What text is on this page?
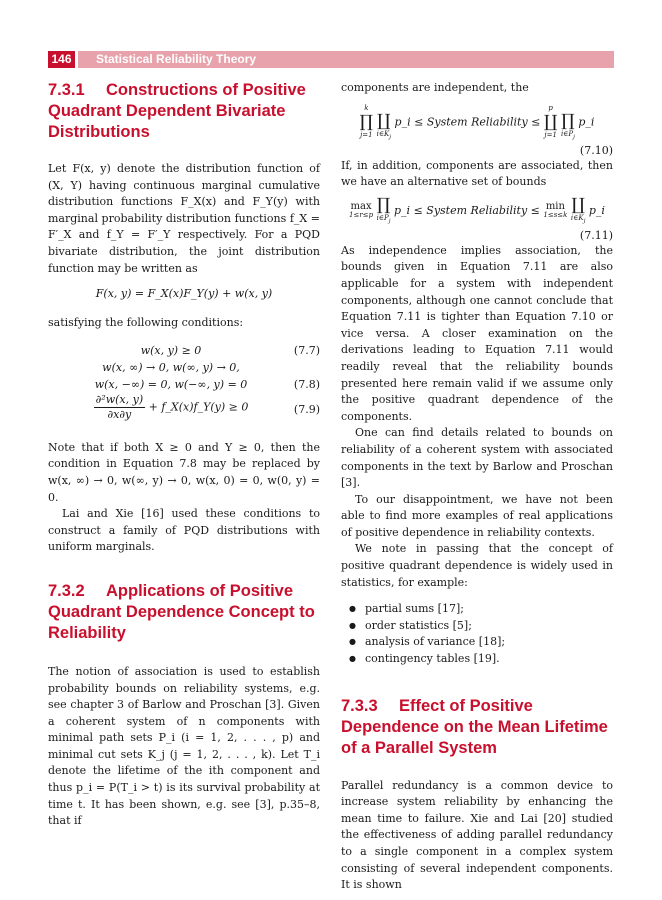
146	Statistical Reliability Theory
7.3.1 Constructions of Positive Quadrant Dependent Bivariate Distributions

Let F(x, y) denote the distribution function of (X, Y) having continuous marginal cumulative distribution functions F_X(x) and F_Y(y) with marginal probability distribution functions f_X = F′_X and f_Y = F′_Y respectively. For a PQD bivariate distribution, the joint distribution function may be written as

F(x, y) = F_X(x)F_Y(y) + w(x, y)

satisfying the following conditions:

w(x, y) ≥ 0	(7.7)
w(x, ∞) → 0, w(∞, y) → 0,
w(x, −∞) = 0, w(−∞, y) = 0	(7.8)
$\frac{\text{∂²w(x, y)}}{\partial x\partial y}$ + f_X(x)f_Y(y) ≥ 0	(7.9)

Note that if both X ≥ 0 and Y ≥ 0, then the condition in Equation 7.8 may be replaced by w(x, ∞) → 0, w(∞, y) → 0, w(x, 0) = 0, w(0, y) = 0.

Lai and Xie [16] used these conditions to construct a family of PQD distributions with uniform marginals.

7.3.2 Applications of Positive Quadrant Dependence Concept to Reliability

The notion of association is used to establish probability bounds on reliability systems, e.g. see chapter 3 of Barlow and Proschan [3]. Given a coherent system of n components with minimal path sets P_i (i = 1, 2, . . . , p) and minimal cut sets K_j (j = 1, 2, . . . , k). Let T_i denote the lifetime of the ith component and thus p_i = P(T_i > t) is its survival probability at time t. It has been shown, e.g. see [3], p.35–8, that if

components are independent, the

k
∏
j=1

∐
$i\in K_j$
p_i ≤ System Reliability ≤
p
∐
j=1

∏
$i\in P_j$
p_i
(7.10)

If, in addition, components are associated, then we have an alternative set of bounds

max
1≤r≤p

∏
$i\in P_j$
p_i ≤ System Reliability ≤ min
1≤s≤k

∐
$i\in K_j$
p_i
(7.11)

As independence implies association, the bounds given in Equation 7.11 are also applicable for a system with independent components, although one cannot conclude that Equation 7.11 is tighter than Equation 7.10 or vice versa. A closer examination on the derivations leading to Equation 7.11 would readily reveal that the reliability bounds presented here remain valid if we assume only the positive quadrant dependence of the components.

One can find details related to bounds on reliability of a coherent system with associated components in the text by Barlow and Proschan [3].

To our disappointment, we have not been able to find more examples of real applications of positive dependence in reliability contexts.

We note in passing that the concept of positive quadrant dependence is widely used in statistics, for example:

● partial sums [17];
● order statistics [5];
● analysis of variance [18];
● contingency tables [19].
7.3.3 Effect of Positive Dependence on the Mean Lifetime of a Parallel System

Parallel redundancy is a common device to increase system reliability by enhancing the mean time to failure. Xie and Lai [20] studied the effectiveness of adding parallel redundancy to a single component in a complex system consisting of several independent components. It is shown
